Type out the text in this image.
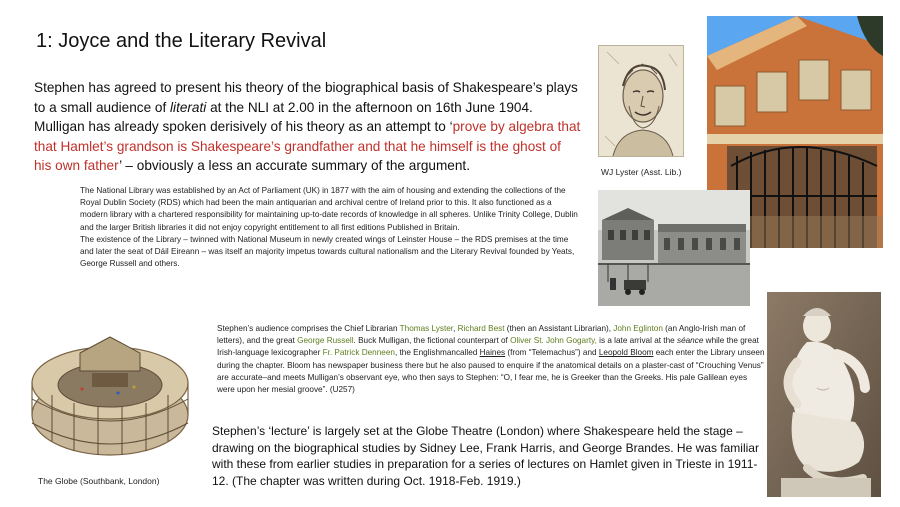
1: Joyce and the Literary Revival
Stephen has agreed to present his theory of the biographical basis of Shakespeare’s plays to a small audience of literati at the NLI at 2.00 in the afternoon on 16th June 1904. Mulligan has already spoken derisively of his theory as an attempt to ‘prove by algebra that that Hamlet’s grandson is Shakespeare’s grandfather and that he himself is the ghost of his own father’ – obviously a less an accurate summary of the argument.

The National Library was established by an Act of Parliament (UK) in 1877 with the aim of housing and extending the collections of the Royal Dublin Society (RDS) which had been the main antiquarian and archival centre of Ireland prior to this. It also functioned as a modern library with a chartered responsibility for maintaining up-to-date records of knowledge in all spheres. Unlike Trinity College, Dublin and the larger British libraries it did not enjoy copyright entitlement to all first editions Published in Britain.

The existence of the Library – twinned with National Museum in newly created wings of Leinster House – the RDS premises at the time and later the seat of Dáil Eireann – was itself an majority impetus towards cultural nationalism and the Literary Revival founded by Yeats, George Russell and others.

Stephen’s audience comprises the Chief Librarian Thomas Lyster, Richard Best (then an Assistant Librarian), John Eglinton (an Anglo-Irish man of letters), and the great George Russell. Buck Mulligan, the fictional counterpart of Oliver St. John Gogarty, is a late arrival at the séance while the great Irish-language lexicographer Fr. Patrick Denneen, the Englishmancalled Haines (from “Telemachus”) and Leopold Bloom each enter the Library unseen during the chapter. Bloom has newspaper business there but he also paused to enquire if the anatomical details on a plaster-cast of “Crouching Venus” are accurate–and meets Mulligan’s observant eye, who then says to Stephen: “O, I fear me, he is Greeker than the Greeks. His pale Galilean eyes were upon her mesial groove”. (U257)
Stephen’s ‘lecture’ is largely set at the Globe Theatre (London) where Shakespeare held the stage – drawing on the biographical studies by Sidney Lee, Frank Harris, and George Brandes. He was familiar with these from earlier studies in preparation for a series of lectures on Hamlet given in Trieste in 1911-12. (The chapter was written during Oct. 1918-Feb. 1919.)
WJ Lyster (Asst. Lib.)
The Globe (Southbank, London)
